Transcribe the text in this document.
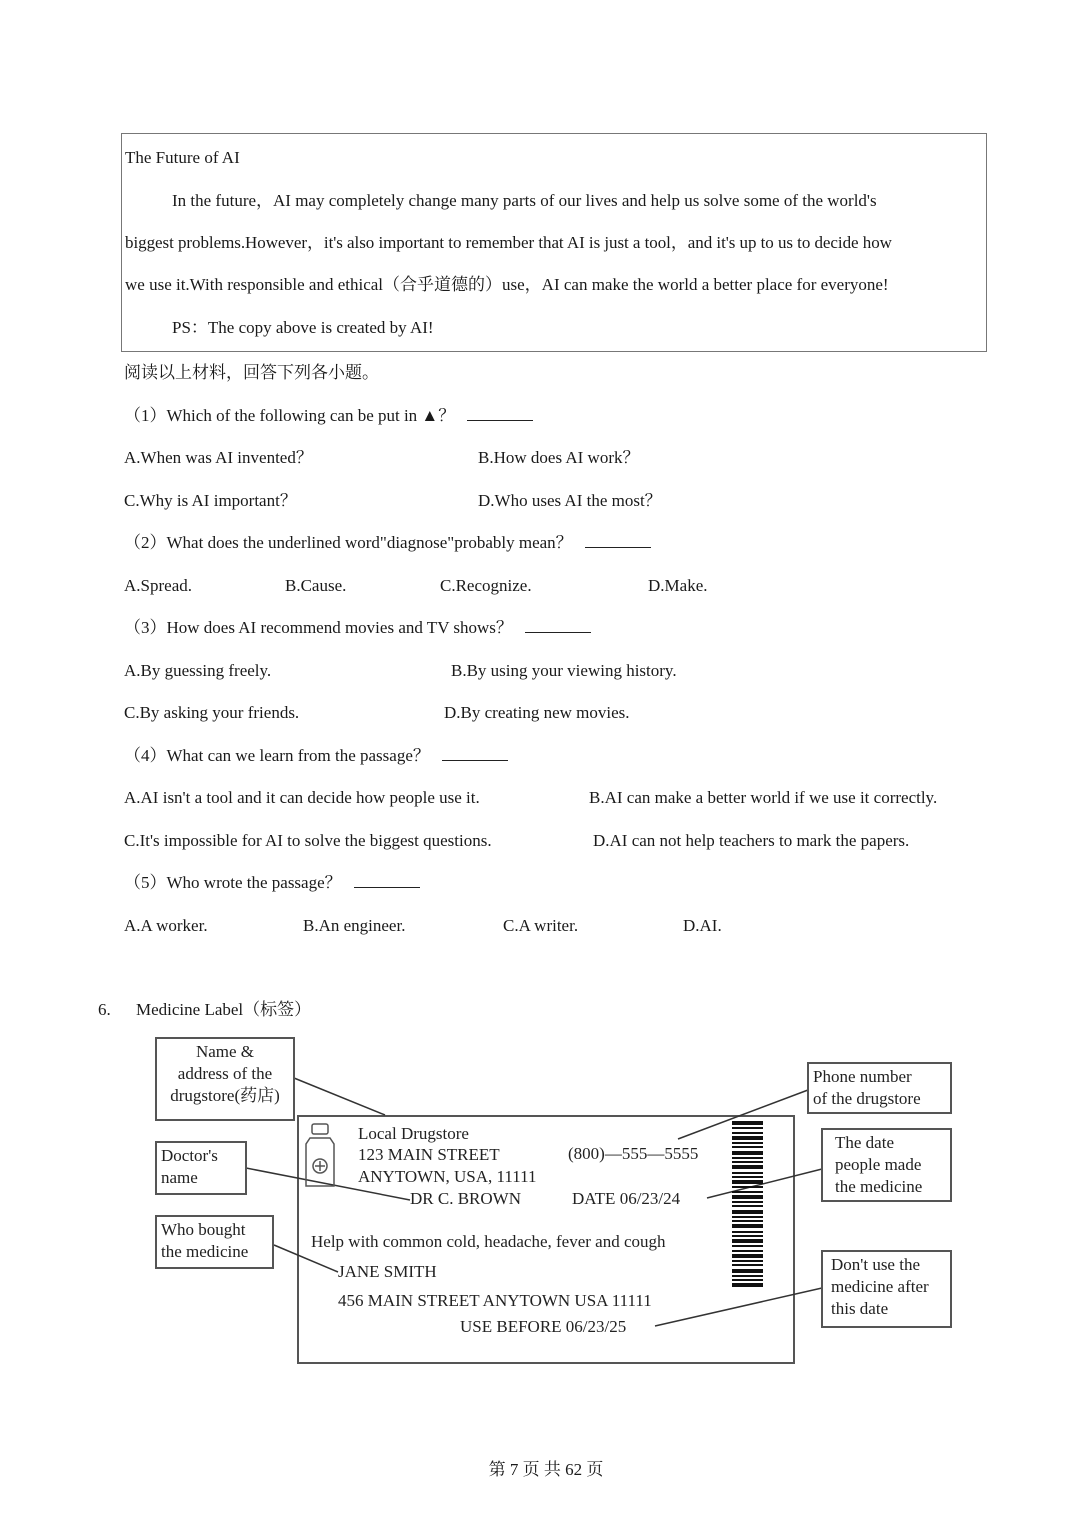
The Future of AI
In the future，AI may completely change many parts of our lives and help us solve some of the world's
biggest problems.However，it's also important to remember that AI is just a tool，and it's up to us to decide how
we use it.With responsible and ethical（合乎道德的）use，AI can make the world a better place for everyone!
PS：The copy above is created by AI!
阅读以上材料，回答下列各小题。
（1）Which of the following can be put in ▲？
A.When was AI invented？	B.How does AI work？
C.Why is AI important？	D.Who uses AI the most？
（2）What does the underlined word"diagnose"probably mean？
A.Spread.	B.Cause.	C.Recognize.	D.Make.
（3）How does AI recommend movies and TV shows？
A.By guessing freely.	B.By using your viewing history.
C.By asking your friends.	D.By creating new movies.
（4）What can we learn from the passage？
A.AI isn't a tool and it can decide how people use it.	B.AI can make a better world if we use it correctly.
C.It's impossible for AI to solve the biggest questions.	D.AI can not help teachers to mark the papers.
（5）Who wrote the passage？
A.A worker.	B.An engineer.	C.A writer.	D.AI.
6. Medicine Label（标签）
Local Drugstore
123 MAIN STREET
ANYTOWN, USA, 11111
(800)—555—5555
DR C. BROWN	DATE 06/23/24
Help with common cold, headache, fever and cough
JANE SMITH
456 MAIN STREET ANYTOWN USA 11111
USE BEFORE 06/23/25
Name &
address of the
drugstore(药店)
Doctor's
name
Who bought
the medicine
Phone number
of the drugstore
The date
people made
the medicine
Don't use the
medicine after
this date
第 7 页 共 62 页
